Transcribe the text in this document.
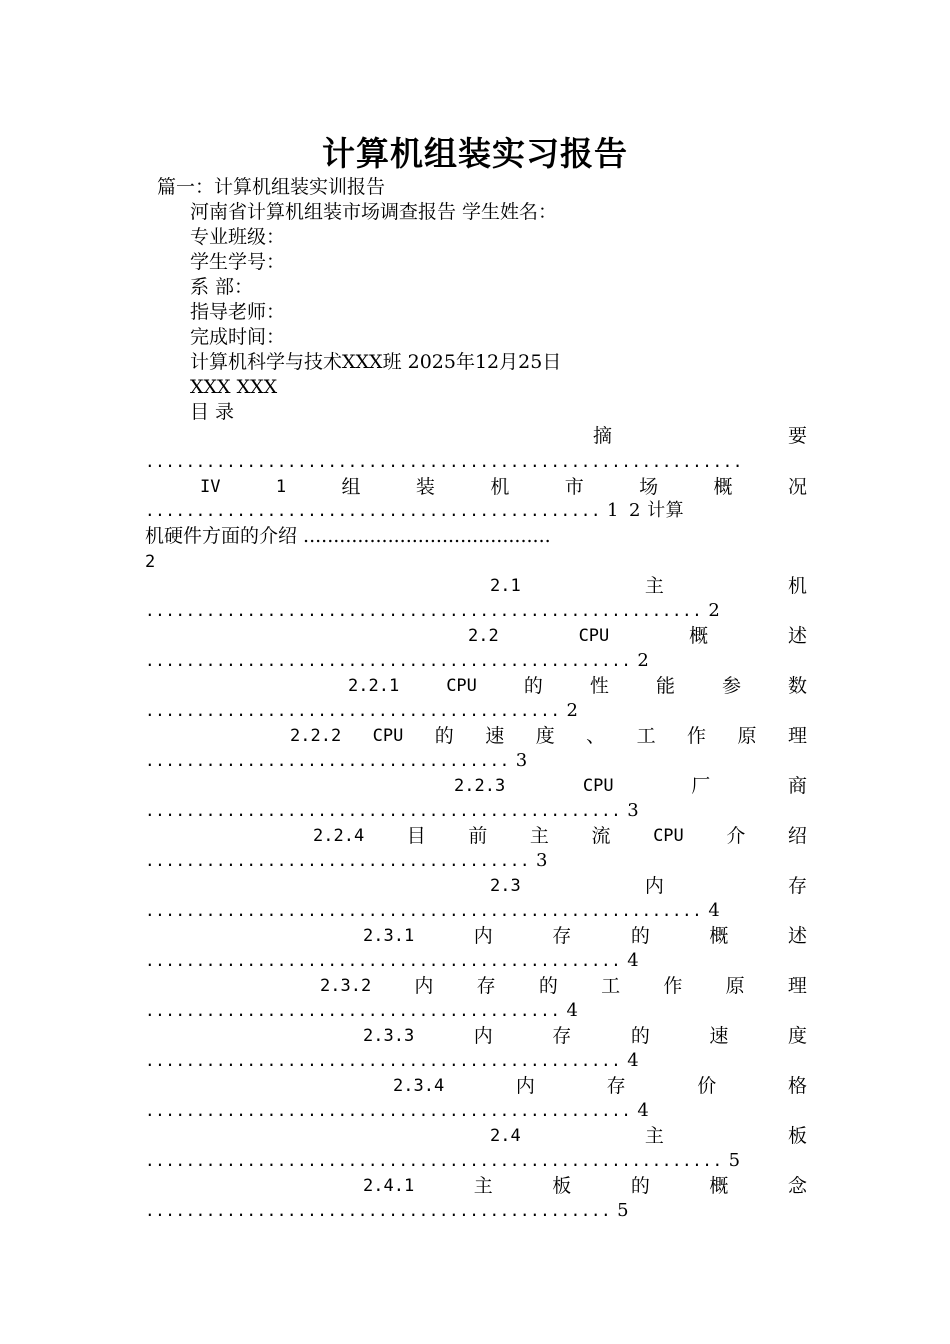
计算机组装实习报告
篇一：计算机组装实训报告
河南省计算机组装市场调查报告 学生姓名：
专业班级：
学生学号：
系 部：
指导老师：
完成时间：
计算机科学与技术XXX班 2025年12月25日
XXX XXX
目 录
摘	要
...........................................................
IV	1	组	装	机	市	场	概	况
............................................. 1 2 计算
机硬件方面的介绍 .........................................
2
2.1	主	机
....................................................... 2
2.2	CPU	概	述
................................................ 2
2.2.1	CPU 的 性 能 参 数
......................................... 2
2.2.2 CPU 的 速 度 、 工 作 原 理
.................................... 3
2.2.3	CPU	厂	商
............................................... 3
2.2.4 目 前 主 流	CPU 介 绍
...................................... 3
2.3	内	存
....................................................... 4
2.3.1	内	存	的	概	述
............................................... 4
2.3.2 内 存 的 工 作 原 理
......................................... 4
2.3.3	内	存	的	速	度
............................................... 4
2.3.4	内	存	价	格
................................................ 4
2.4	主	板
......................................................... 5
2.4.1	主	板	的	概	念
.............................................. 5
